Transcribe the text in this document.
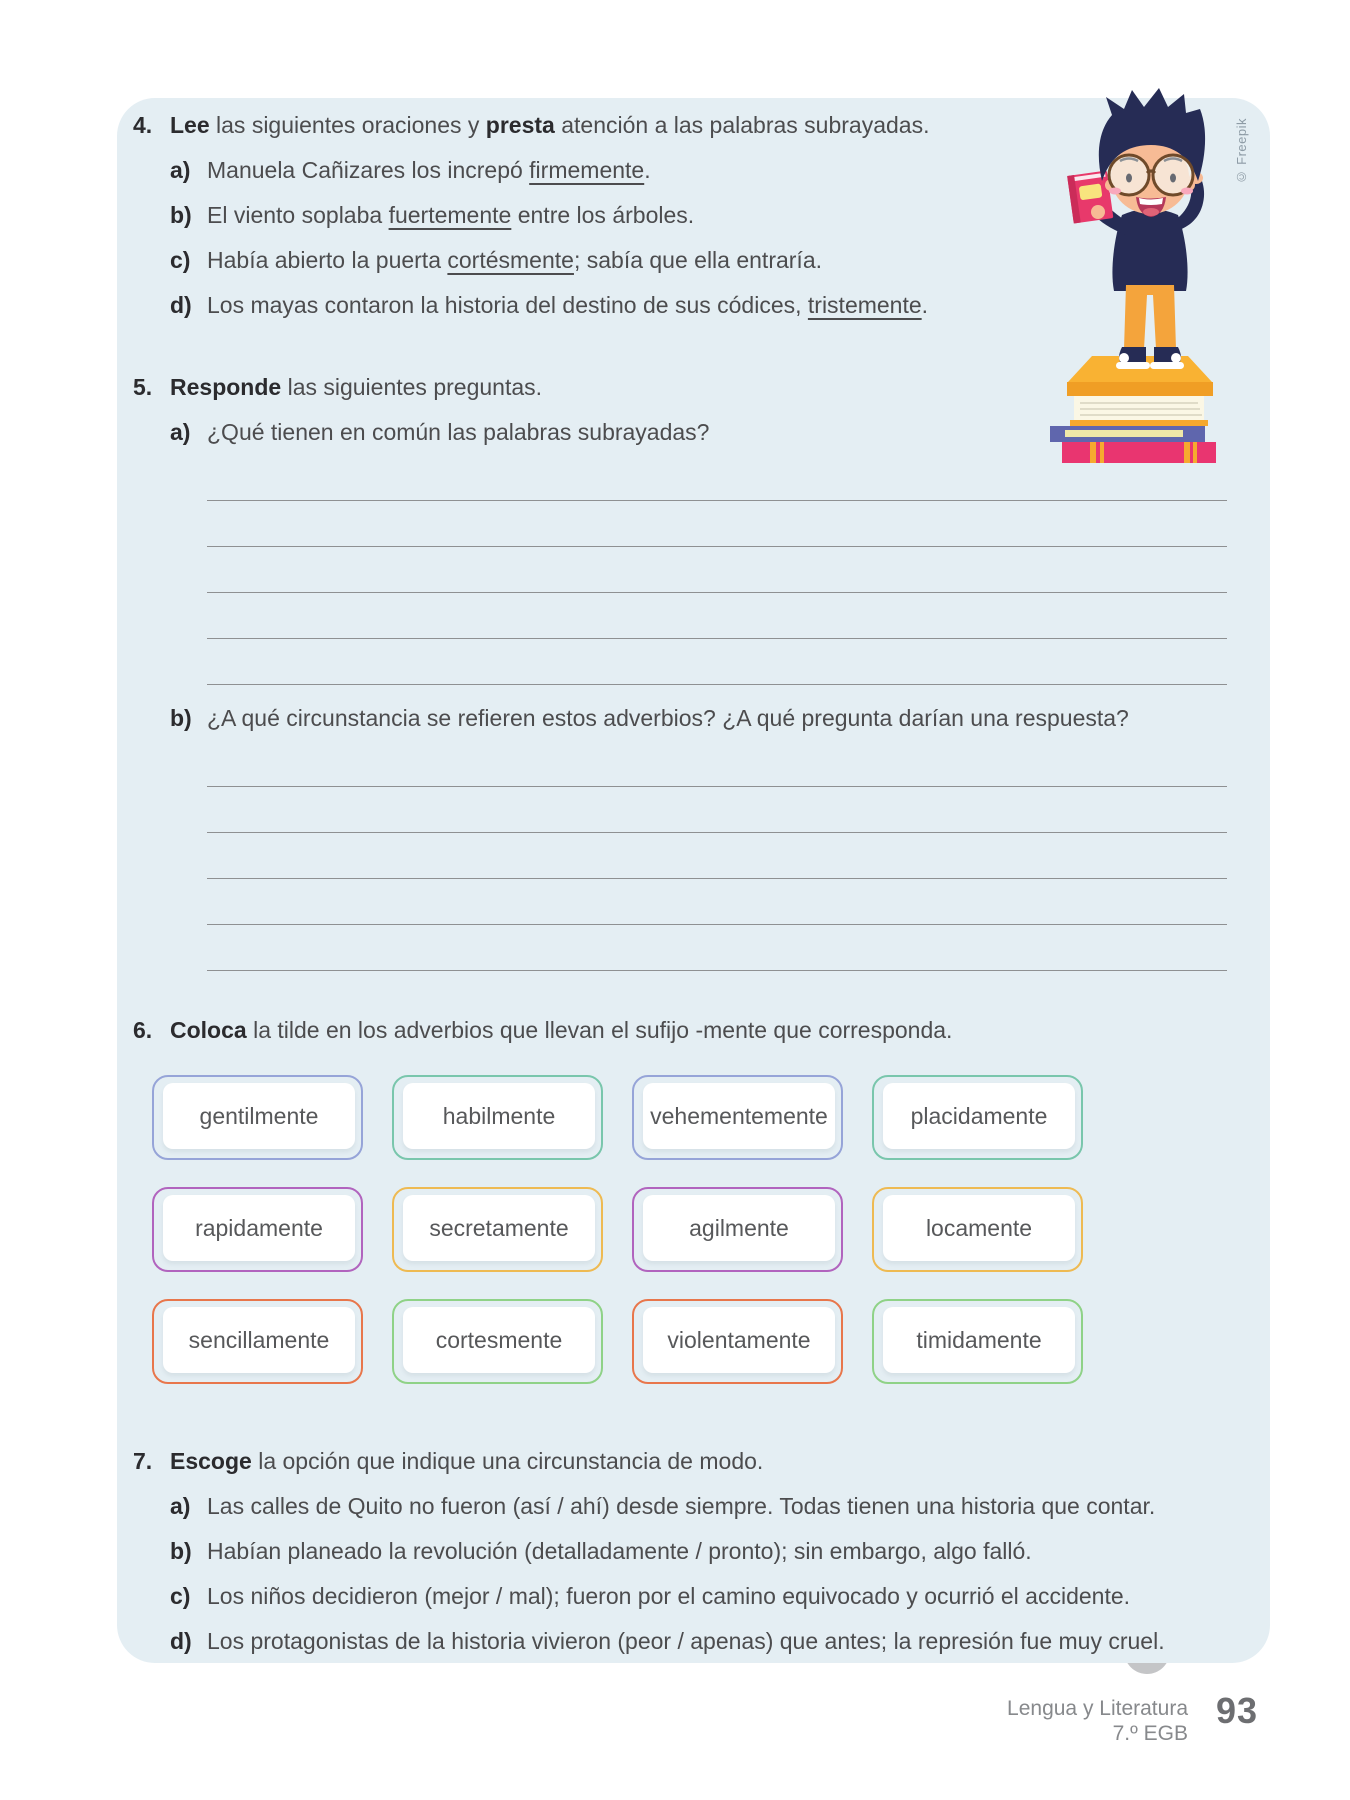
4. Lee las siguientes oraciones y presta atención a las palabras subrayadas.

a) Manuela Cañizares los increpó firmemente.

b) El viento soplaba fuertemente entre los árboles.

c) Había abierto la puerta cortésmente; sabía que ella entraría.

d) Los mayas contaron la historia del destino de sus códices, tristemente.

5. Responde las siguientes preguntas.

a) ¿Qué tienen en común las palabras subrayadas?

b) ¿A qué circunstancia se refieren estos adverbios? ¿A qué pregunta darían una respuesta?

6. Coloca la tilde en los adverbios que llevan el sufijo -mente que corresponda.

gentilmente	habilmente	vehementemente	placidamente
rapidamente	secretamente	agilmente	locamente
sencillamente	cortesmente	violentamente	timidamente
7. Escoge la opción que indique una circunstancia de modo.

a) Las calles de Quito no fueron (así / ahí) desde siempre. Todas tienen una historia que contar.

b) Habían planeado la revolución (detalladamente / pronto); sin embargo, algo falló.

c) Los niños decidieron (mejor / mal); fueron por el camino equivocado y ocurrió el accidente.

d) Los protagonistas de la historia vivieron (peor / apenas) que antes; la represión fue muy cruel.

© Freepik
Lengua y Literatura
7.º EGB
93
